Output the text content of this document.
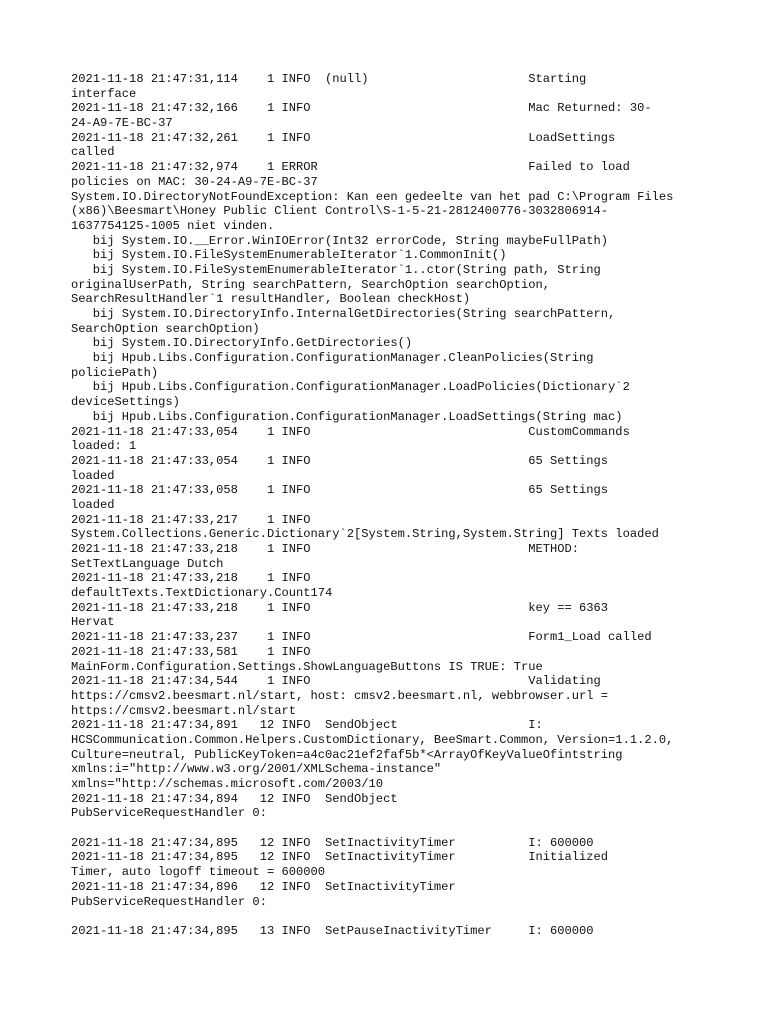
2021-11-18 21:47:31,114    1 INFO  (null)                      Starting
interface
2021-11-18 21:47:32,166    1 INFO                              Mac Returned: 30-
24-A9-7E-BC-37
2021-11-18 21:47:32,261    1 INFO                              LoadSettings
called
2021-11-18 21:47:32,974    1 ERROR                             Failed to load
policies on MAC: 30-24-A9-7E-BC-37
System.IO.DirectoryNotFoundException: Kan een gedeelte van het pad C:\Program Files
(x86)\Beesmart\Honey Public Client Control\S-1-5-21-2812400776-3032806914-
1637754125-1005 niet vinden.
bij System.IO.__Error.WinIOError(Int32 errorCode, String maybeFullPath)
bij System.IO.FileSystemEnumerableIterator`1.CommonInit()
bij System.IO.FileSystemEnumerableIterator`1..ctor(String path, String
originalUserPath, String searchPattern, SearchOption searchOption,
SearchResultHandler`1 resultHandler, Boolean checkHost)
bij System.IO.DirectoryInfo.InternalGetDirectories(String searchPattern,
SearchOption searchOption)
bij System.IO.DirectoryInfo.GetDirectories()
bij Hpub.Libs.Configuration.ConfigurationManager.CleanPolicies(String
policiePath)
bij Hpub.Libs.Configuration.ConfigurationManager.LoadPolicies(Dictionary`2
deviceSettings)
bij Hpub.Libs.Configuration.ConfigurationManager.LoadSettings(String mac)
2021-11-18 21:47:33,054    1 INFO                              CustomCommands
loaded: 1
2021-11-18 21:47:33,054    1 INFO                              65 Settings
loaded
2021-11-18 21:47:33,058    1 INFO                              65 Settings
loaded
2021-11-18 21:47:33,217    1 INFO
System.Collections.Generic.Dictionary`2[System.String,System.String] Texts loaded
2021-11-18 21:47:33,218    1 INFO                              METHOD:
SetTextLanguage Dutch
2021-11-18 21:47:33,218    1 INFO
defaultTexts.TextDictionary.Count174
2021-11-18 21:47:33,218    1 INFO                              key == 6363
Hervat
2021-11-18 21:47:33,237    1 INFO                              Form1_Load called
2021-11-18 21:47:33,581    1 INFO
MainForm.Configuration.Settings.ShowLanguageButtons IS TRUE: True
2021-11-18 21:47:34,544    1 INFO                              Validating
https://cmsv2.beesmart.nl/start, host: cmsv2.beesmart.nl, webbrowser.url =
https://cmsv2.beesmart.nl/start
2021-11-18 21:47:34,891   12 INFO  SendObject                  I:
HCSCommunication.Common.Helpers.CustomDictionary, BeeSmart.Common, Version=1.1.2.0,
Culture=neutral, PublicKeyToken=a4c0ac21ef2faf5b*<ArrayOfKeyValueOfintstring
xmlns:i="http://www.w3.org/2001/XMLSchema-instance"
xmlns="http://schemas.microsoft.com/2003/10
2021-11-18 21:47:34,894   12 INFO  SendObject
PubServiceRequestHandler 0:
2021-11-18 21:47:34,895   12 INFO  SetInactivityTimer          I: 600000
2021-11-18 21:47:34,895   12 INFO  SetInactivityTimer          Initialized
Timer, auto logoff timeout = 600000
2021-11-18 21:47:34,896   12 INFO  SetInactivityTimer
PubServiceRequestHandler 0:
2021-11-18 21:47:34,895   13 INFO  SetPauseInactivityTimer     I: 600000
